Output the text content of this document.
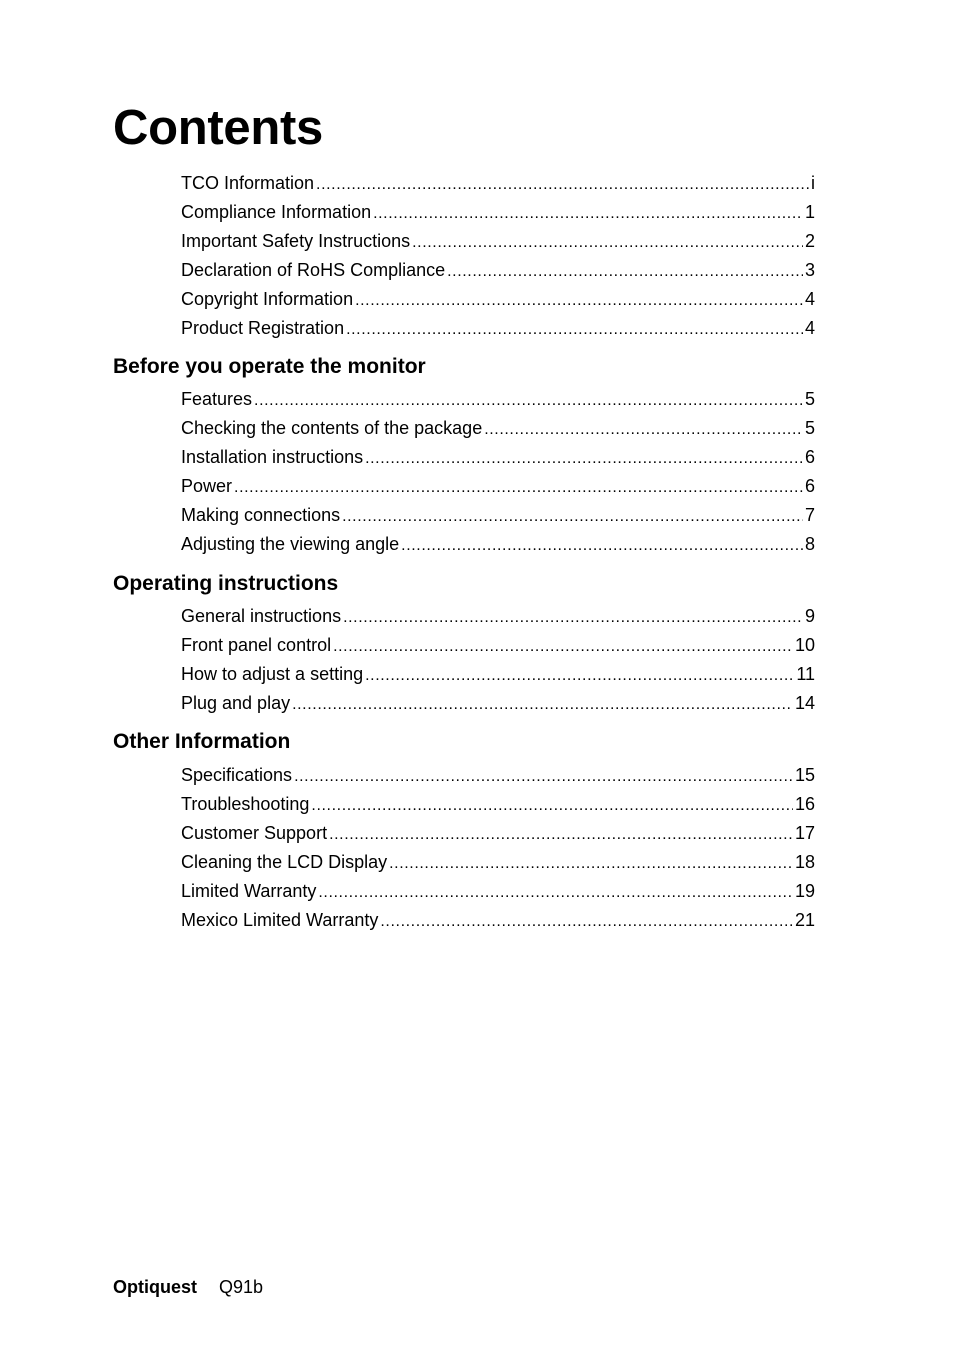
Contents
TCO Information .....	i
Compliance Information .....	1
Important Safety Instructions .....	2
Declaration of RoHS Compliance .....	3
Copyright Information .....	4
Product Registration .....	4
Before you operate the monitor
Features .....	5
Checking the contents of the package .....	5
Installation instructions .....	6
Power .....	6
Making connections .....	7
Adjusting the viewing angle .....	8
Operating instructions
General instructions .....	9
Front panel control .....	10
How to adjust a setting .....	11
Plug and play .....	14
Other Information
Specifications .....	15
Troubleshooting .....	16
Customer Support .....	17
Cleaning the LCD Display .....	18
Limited Warranty .....	19
Mexico Limited Warranty .....	21
Optiquest Q91b
